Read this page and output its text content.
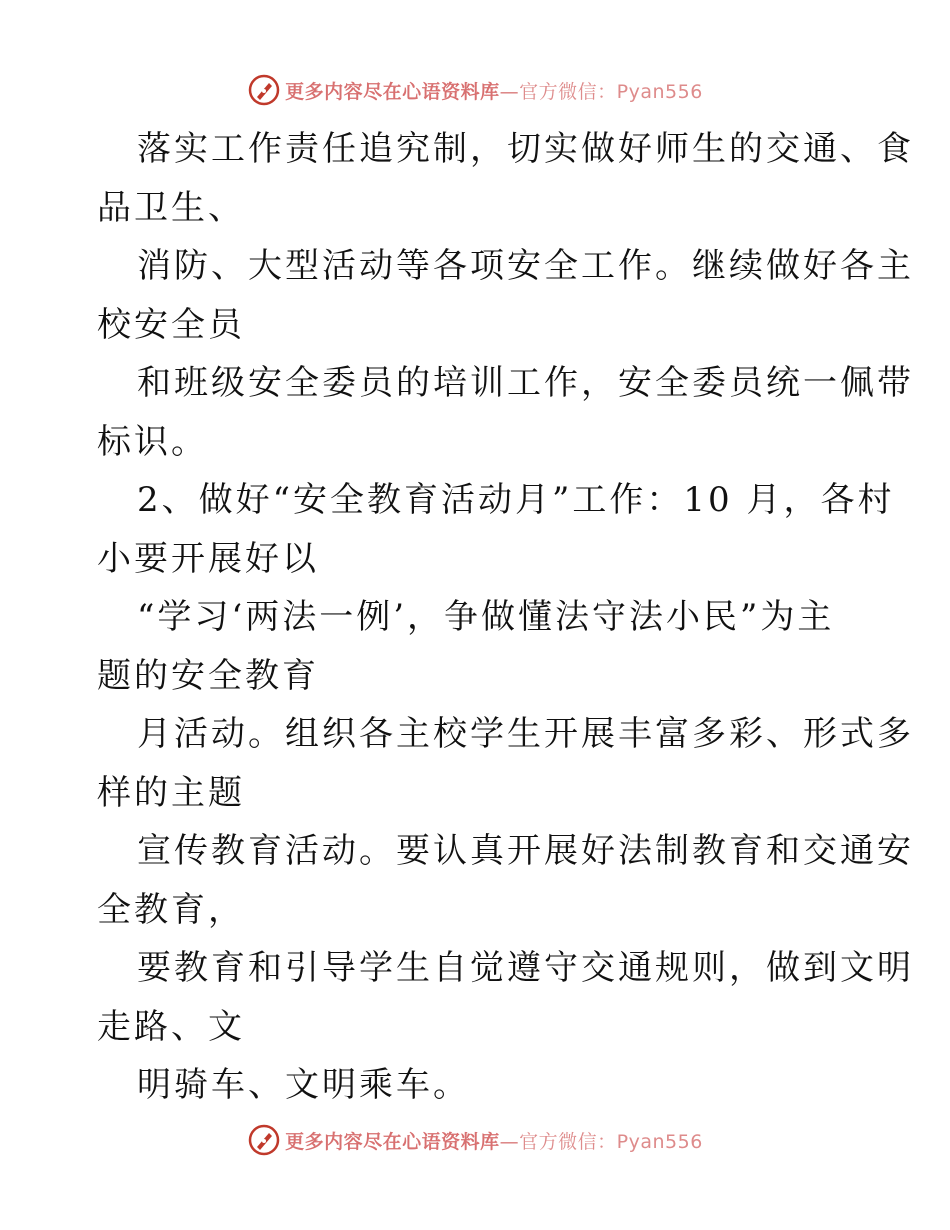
更多内容尽在心语资料库—官方微信：Pyan556
落实工作责任追究制，切实做好师生的交通、食
品卫生、
消防、大型活动等各项安全工作。继续做好各主
校安全员
和班级安全委员的培训工作，安全委员统一佩带
标识。
2、做好“安全教育活动月”工作：10 月，各村
小要开展好以
“学习‘两法一例’，争做懂法守法小民”为主
题的安全教育
月活动。组织各主校学生开展丰富多彩、形式多
样的主题
宣传教育活动。要认真开展好法制教育和交通安
全教育，
要教育和引导学生自觉遵守交通规则，做到文明
走路、文
明骑车、文明乘车。
更多内容尽在心语资料库—官方微信：Pyan556
